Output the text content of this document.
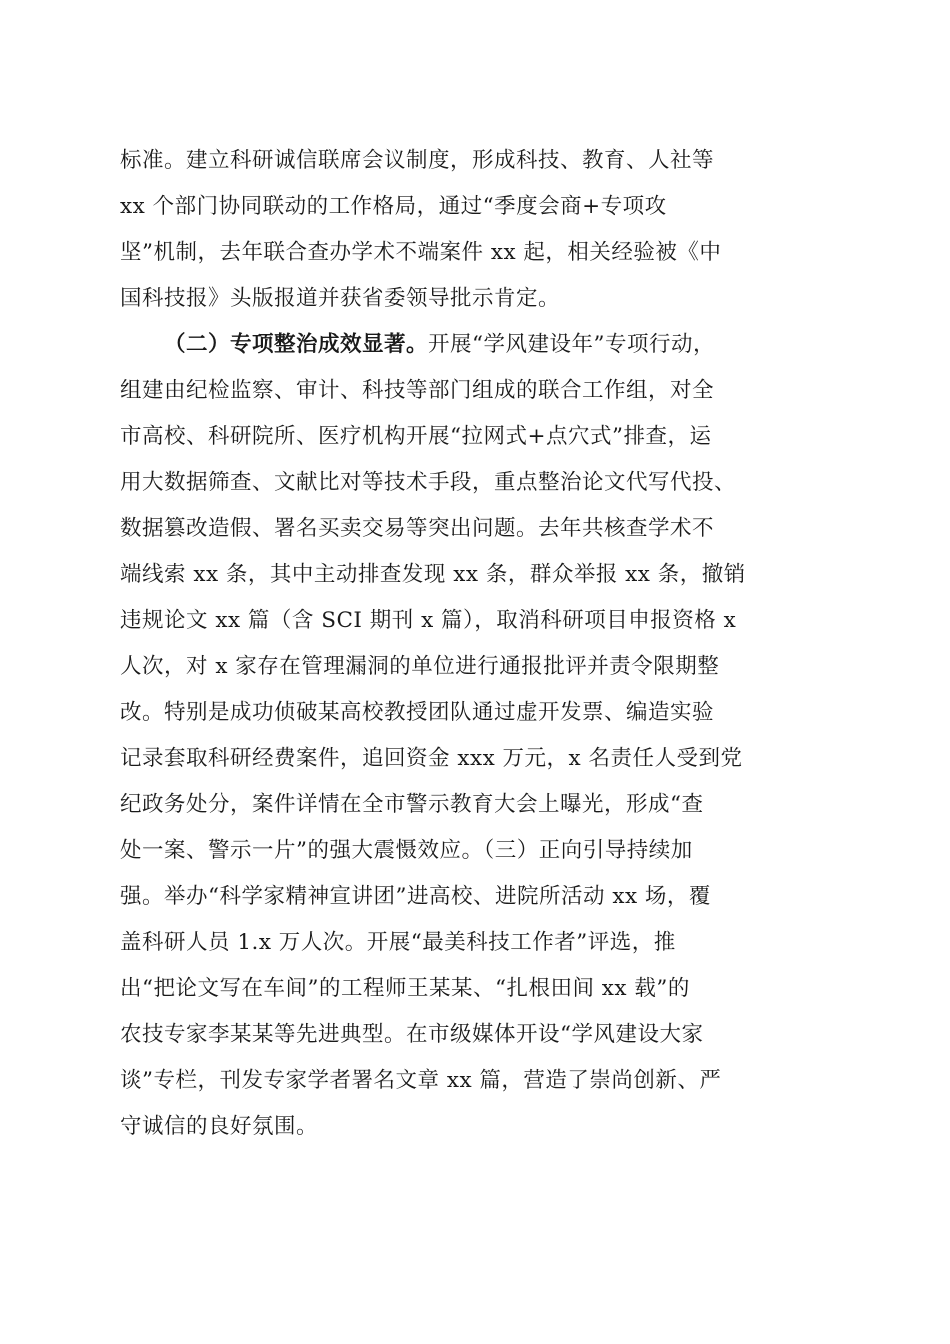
标准。建立科研诚信联席会议制度，形成科技、教育、人社等
xx 个部门协同联动的工作格局，通过“季度会商+专项攻
坚”机制，去年联合查办学术不端案件 xx 起，相关经验被《中
国科技报》头版报道并获省委领导批示肯定。
（二）专项整治成效显著。开展“学风建设年”专项行动，
组建由纪检监察、审计、科技等部门组成的联合工作组，对全
市高校、科研院所、医疗机构开展“拉网式+点穴式”排查，运
用大数据筛查、文献比对等技术手段，重点整治论文代写代投、
数据篡改造假、署名买卖交易等突出问题。去年共核查学术不
端线索 xx 条，其中主动排查发现 xx 条，群众举报 xx 条，撤销
违规论文 xx 篇（含 SCI 期刊 x 篇），取消科研项目申报资格 x
人次，对 x 家存在管理漏洞的单位进行通报批评并责令限期整
改。特别是成功侦破某高校教授团队通过虚开发票、编造实验
记录套取科研经费案件，追回资金 xxx 万元，x 名责任人受到党
纪政务处分，案件详情在全市警示教育大会上曝光，形成“查
处一案、警示一片”的强大震慑效应。（三）正向引导持续加
强。举办“科学家精神宣讲团”进高校、进院所活动 xx 场，覆
盖科研人员 1.x 万人次。开展“最美科技工作者”评选，推
出“把论文写在车间”的工程师王某某、“扎根田间 xx 载”的
农技专家李某某等先进典型。在市级媒体开设“学风建设大家
谈”专栏，刊发专家学者署名文章 xx 篇，营造了崇尚创新、严
守诚信的良好氛围。
